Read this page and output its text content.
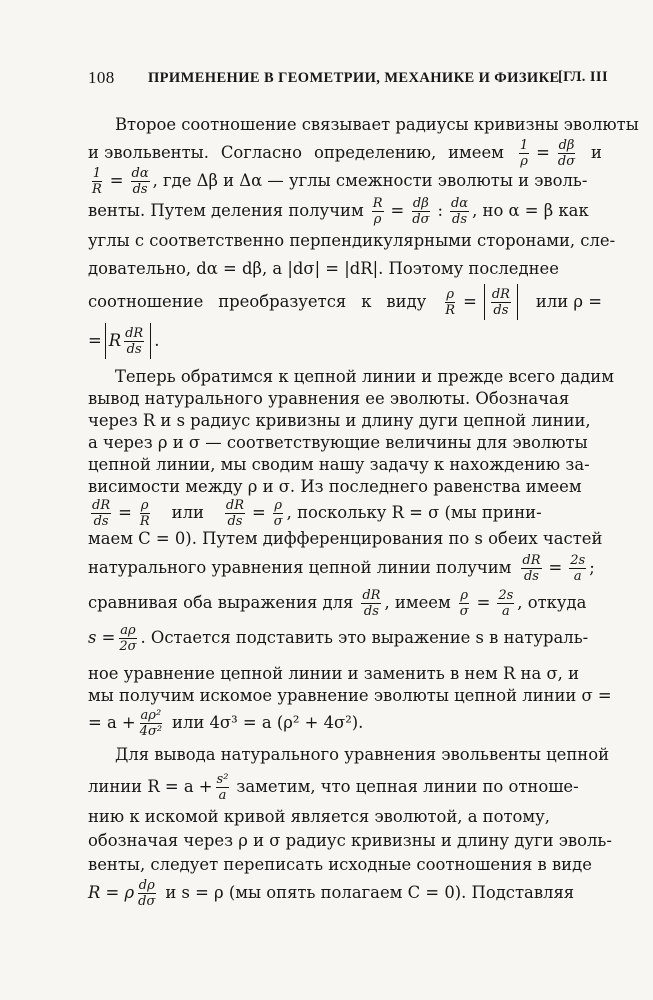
108 ПРИМЕНЕНИЕ В ГЕОМЕТРИИ, МЕХАНИКЕ И ФИЗИКЕ
[ГЛ. III
Второе соотношение связывает радиусы кривизны эволюты
и эвольвенты. Согласно определению, имеем $\frac{1}{\rho} = \frac{d\beta}{d\sigma}$ и
$\frac{1}{R} = \frac{d\alpha}{ds}$ , где Δβ и Δα — углы смежности эволюты и эволь-
венты. Путем деления получим $\frac{R}{\rho} = \frac{d\beta}{d\sigma}$ : $\frac{d\alpha}{ds}$ , но α = β как
углы с соответственно перпендикулярными сторонами, сле-
довательно, dα = dβ, а |dσ| = |dR|. Поэтому последнее
соотношение преобразуется к виду $\frac{\rho}{R} = \frac{dR}{ds}$ или ρ =
= R $\frac{dR}{ds}$ .
Теперь обратимся к цепной линии и прежде всего дадим
вывод натурального уравнения ее эволюты. Обозначая
через R и s радиус кривизны и длину дуги цепной линии,
а через ρ и σ — соответствующие величины для эволюты
цепной линии, мы сводим нашу задачу к нахождению за-
висимости между ρ и σ. Из последнего равенства имеем
$\frac{dR}{ds} = \frac{\rho}{R}$ или $\frac{dR}{ds} = \frac{\rho}{\sigma}$ , поскольку R = σ (мы прини-
маем C = 0). Путем дифференцирования по s обеих частей
натурального уравнения цепной линии получим $\frac{dR}{ds} = \frac{2s}{a}$ ;
сравнивая оба выражения для $\frac{dR}{ds}$ , имеем $\frac{\rho}{\sigma} = \frac{2s}{a}$ , откуда
$s = \frac{a\rho}{2\sigma}$ . Остается подставить это выражение s в натураль-
ное уравнение цепной линии и заменить в нем R на σ, и
мы получим искомое уравнение эволюты цепной линии σ =
= $a + \frac{\text{aρ²}}{\text{4σ²}}$ или 4σ³ = a (ρ² + 4σ²).
Для вывода натурального уравнения эвольвенты цепной
линии $R = a + \frac{\text{s²}}{a}$ заметим, что цепная линии по отноше-
нию к искомой кривой является эволютой, а потому,
обозначая через ρ и σ радиус кривизны и длину дуги эволь-
венты, следует переписать исходные соотношения в виде
R = ρ $\frac{d\rho}{d\sigma}$ и s = ρ (мы опять полагаем C = 0). Подставляя
